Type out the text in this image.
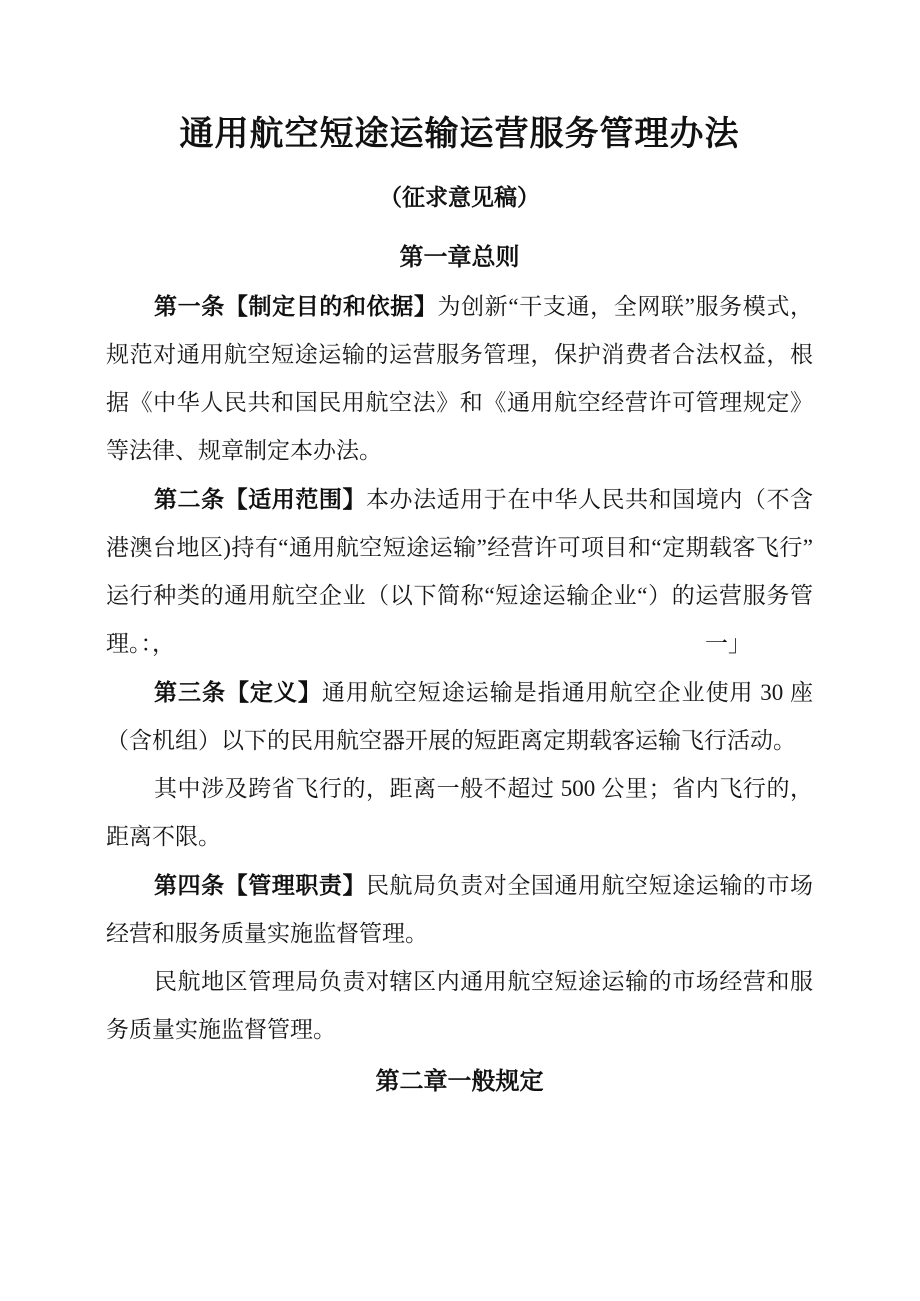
通用航空短途运输运营服务管理办法
（征求意见稿）
第一章总则

第一条【制定目的和依据】为创新“干支通，全网联”服务模式，规范对通用航空短途运输的运营服务管理，保护消费者合法权益，根据《中华人民共和国民用航空法》和《通用航空经营许可管理规定》等法律、规章制定本办法。

第二条【适用范围】本办法适用于在中华人民共和国境内（不含港澳台地区)持有“通用航空短途运输”经营许可项目和“定期载客飞行”运行种类的通用航空企业（以下简称“短途运输企业“）的运营服务管理。：，	一」

第三条【定义】通用航空短途运输是指通用航空企业使用 30 座（含机组）以下的民用航空器开展的短距离定期载客运输飞行活动。

其中涉及跨省飞行的，距离一般不超过 500 公里；省内飞行的，距离不限。

第四条【管理职责】民航局负责对全国通用航空短途运输的市场经营和服务质量实施监督管理。

民航地区管理局负责对辖区内通用航空短途运输的市场经营和服务质量实施监督管理。

第二章一般规定
